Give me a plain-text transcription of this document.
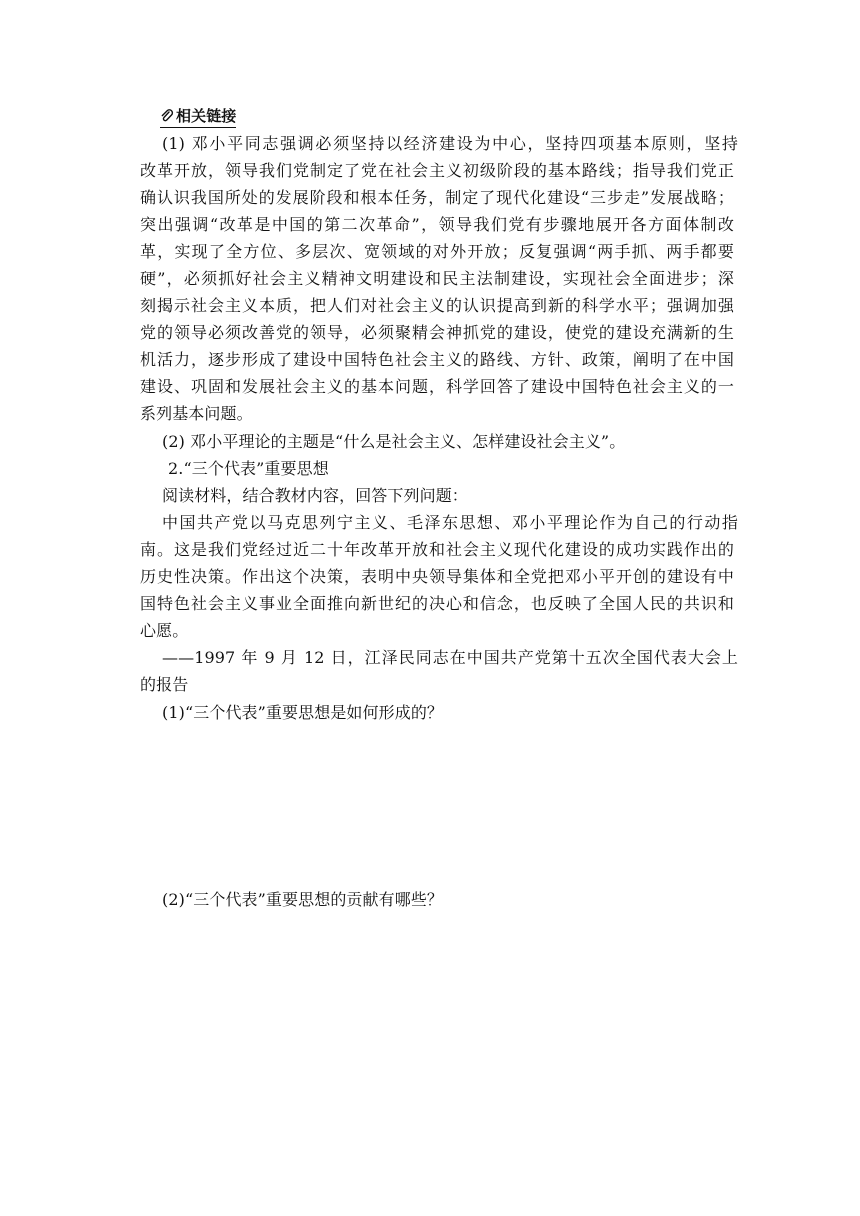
相关链接
(1) 邓小平同志强调必须坚持以经济建设为中心，坚持四项基本原则，坚持
改革开放，领导我们党制定了党在社会主义初级阶段的基本路线；指导我们党正
确认识我国所处的发展阶段和根本任务，制定了现代化建设“三步走”发展战略；
突出强调“改革是中国的第二次革命”，领导我们党有步骤地展开各方面体制改
革，实现了全方位、多层次、宽领域的对外开放；反复强调“两手抓、两手都要
硬”，必须抓好社会主义精神文明建设和民主法制建设，实现社会全面进步；深
刻揭示社会主义本质，把人们对社会主义的认识提高到新的科学水平；强调加强
党的领导必须改善党的领导，必须聚精会神抓党的建设，使党的建设充满新的生
机活力，逐步形成了建设中国特色社会主义的路线、方针、政策，阐明了在中国
建设、巩固和发展社会主义的基本问题，科学回答了建设中国特色社会主义的一
系列基本问题。
(2) 邓小平理论的主题是“什么是社会主义、怎样建设社会主义”。
2.“三个代表”重要思想
阅读材料，结合教材内容，回答下列问题：
中国共产党以马克思列宁主义、毛泽东思想、邓小平理论作为自己的行动指
南。这是我们党经过近二十年改革开放和社会主义现代化建设的成功实践作出的
历史性决策。作出这个决策，表明中央领导集体和全党把邓小平开创的建设有中
国特色社会主义事业全面推向新世纪的决心和信念，也反映了全国人民的共识和
心愿。
——1997 年 9 月 12 日，江泽民同志在中国共产党第十五次全国代表大会上
的报告
(1)“三个代表”重要思想是如何形成的？
(2)“三个代表”重要思想的贡献有哪些？
